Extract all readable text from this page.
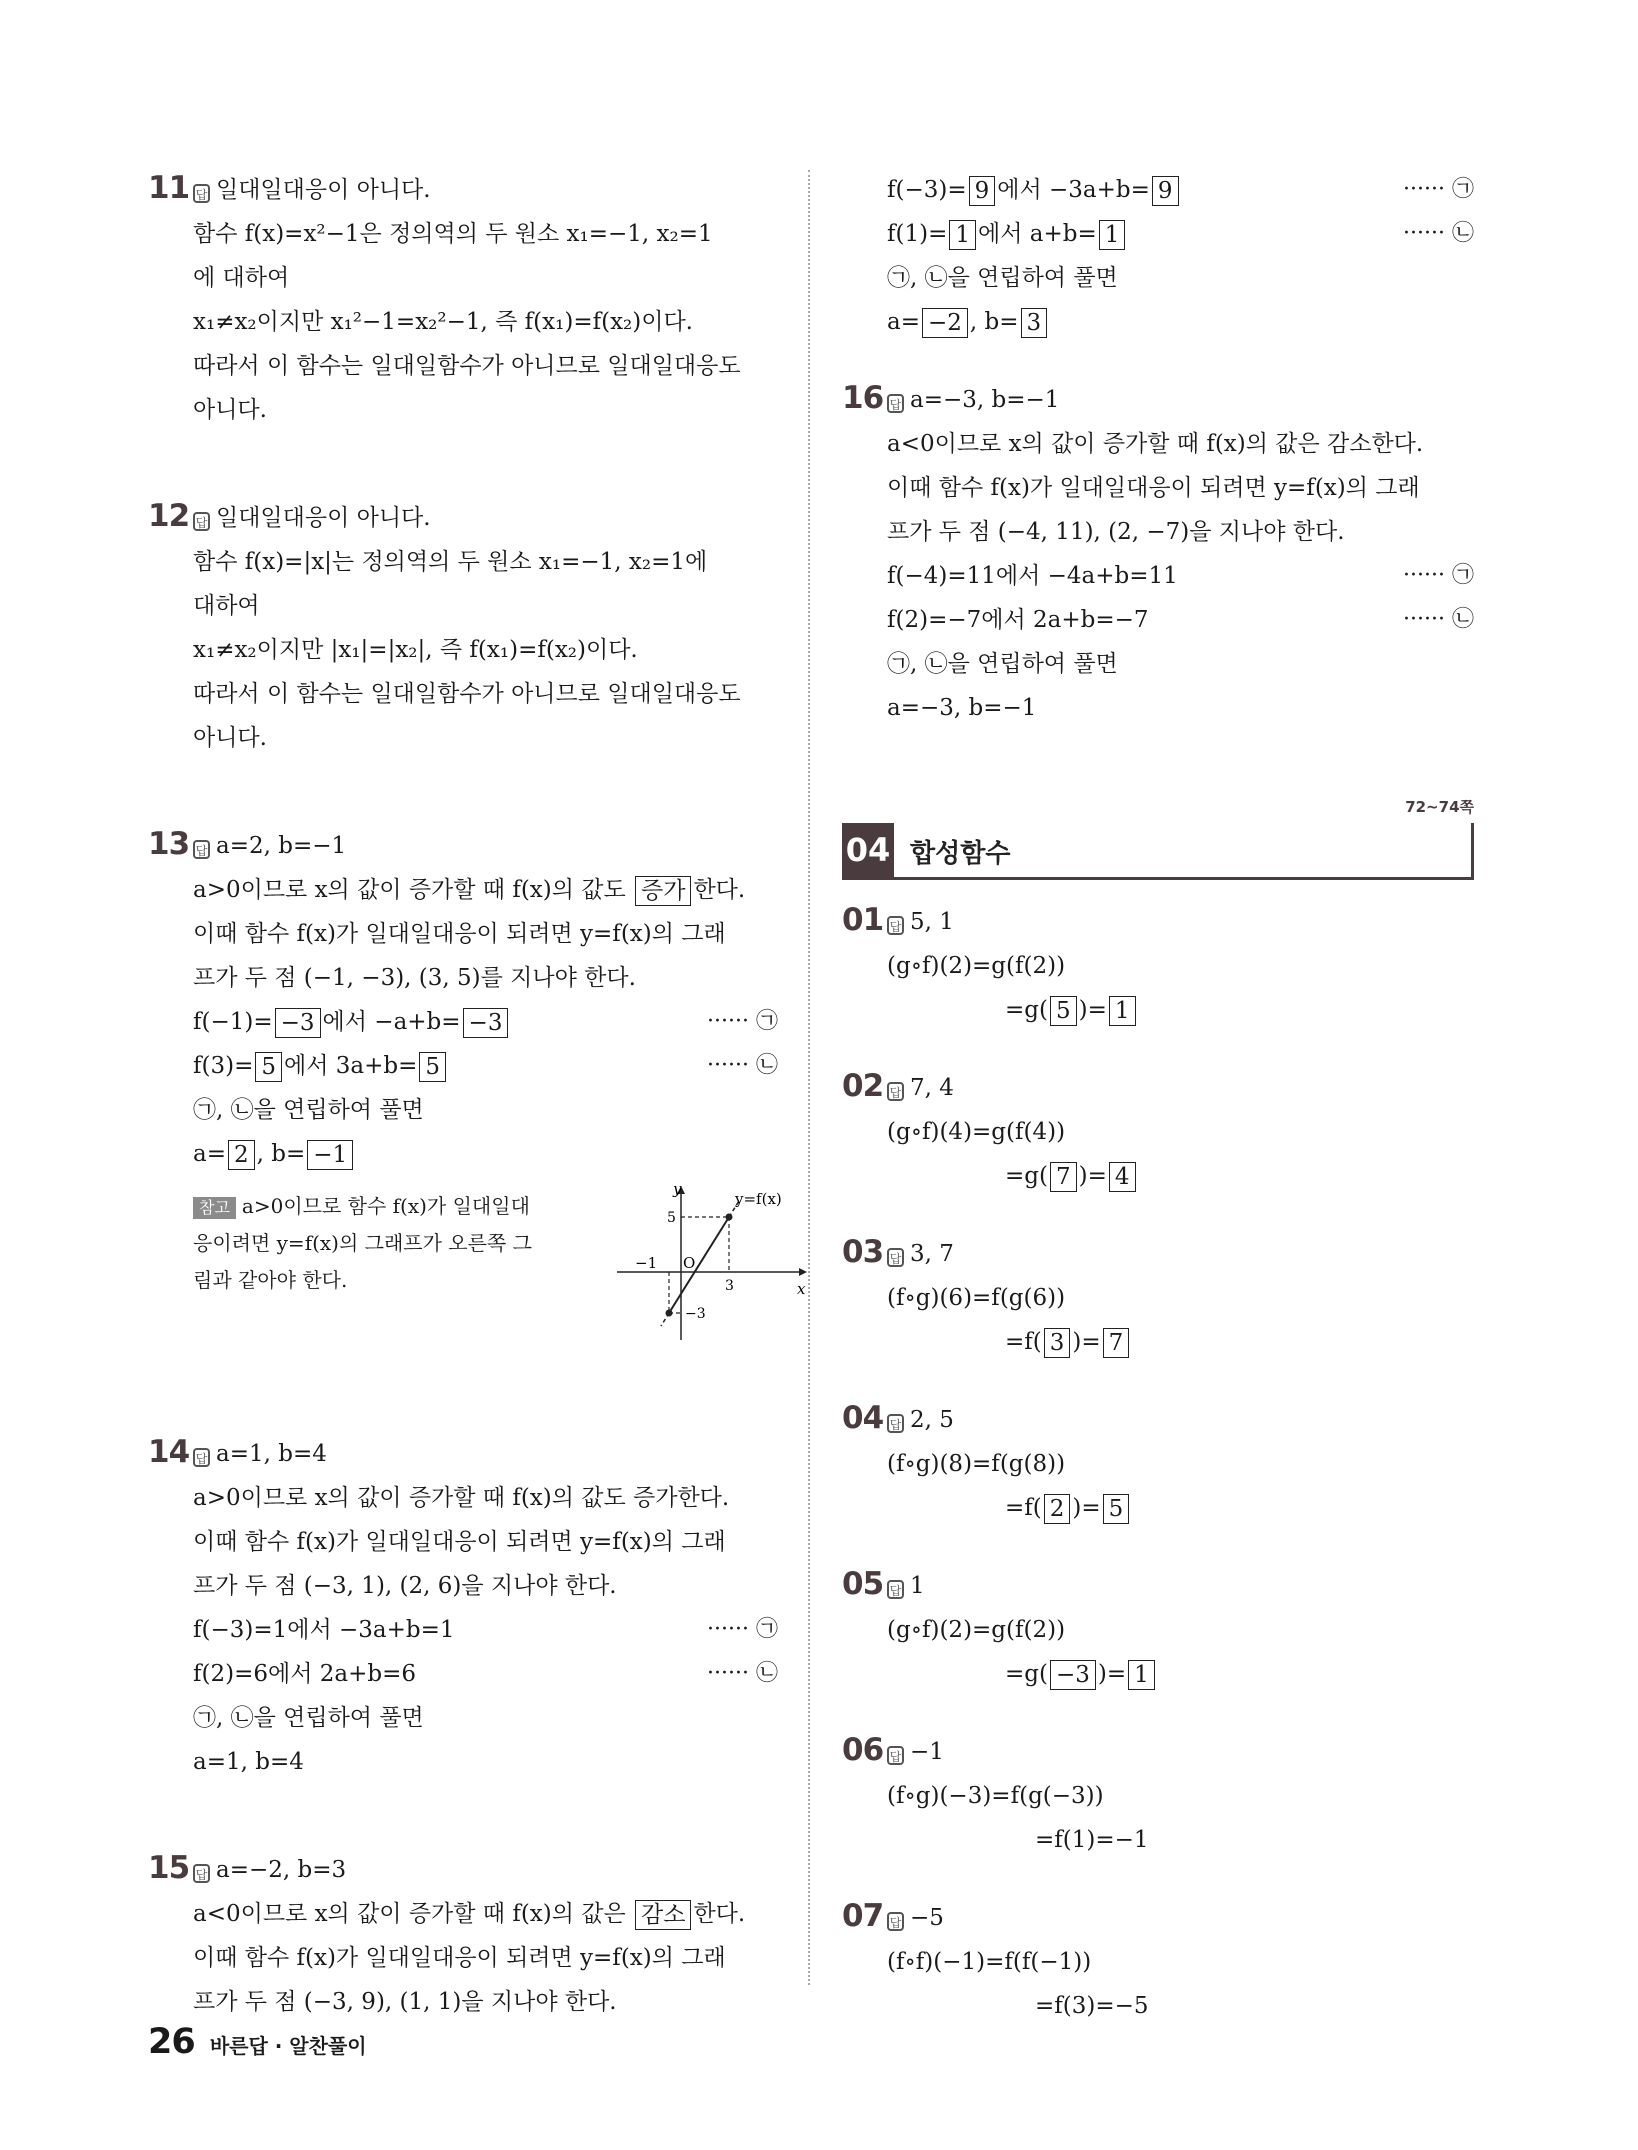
11 답 일대일대응이 아니다.
함수 f(x)=x²−1은 정의역의 두 원소 x₁=−1, x₂=1
에 대하여
x₁≠x₂이지만 x₁²−1=x₂²−1, 즉 f(x₁)=f(x₂)이다.
따라서 이 함수는 일대일함수가 아니므로 일대일대응도
아니다.
12 답 일대일대응이 아니다.
함수 f(x)=|x|는 정의역의 두 원소 x₁=−1, x₂=1에
대하여
x₁≠x₂이지만 |x₁|=|x₂|, 즉 f(x₁)=f(x₂)이다.
따라서 이 함수는 일대일함수가 아니므로 일대일대응도
아니다.
13 답 a=2, b=−1
a>0이므로 x의 값이 증가할 때 f(x)의 값도 증가 한다.
이때 함수 f(x)가 일대일대응이 되려면 y=f(x)의 그래
프가 두 점 (−1, −3), (3, 5)를 지나야 한다.
f(−1)= −3 에서 −a+b= −3	······ ㉠
f(3)= 5 에서 3a+b= 5	······ ㉡
㉠, ㉡을 연립하여 풀면
a= 2 , b= −1
참고 a>0이므로 함수 f(x)가 일대일대
응이려면 y=f(x)의 그래프가 오른쪽 그
림과 같아야 한다.
y
x
y=f(x)
5
3
−1
−3
O
14 답 a=1, b=4
a>0이므로 x의 값이 증가할 때 f(x)의 값도 증가한다.
이때 함수 f(x)가 일대일대응이 되려면 y=f(x)의 그래
프가 두 점 (−3, 1), (2, 6)을 지나야 한다.
f(−3)=1에서 −3a+b=1	······ ㉠
f(2)=6에서 2a+b=6	······ ㉡
㉠, ㉡을 연립하여 풀면
a=1, b=4
15 답 a=−2, b=3
a<0이므로 x의 값이 증가할 때 f(x)의 값은 감소 한다.
이때 함수 f(x)가 일대일대응이 되려면 y=f(x)의 그래
프가 두 점 (−3, 9), (1, 1)을 지나야 한다.
f(−3)= 9 에서 −3a+b= 9	······ ㉠
f(1)= 1 에서 a+b= 1	······ ㉡
㉠, ㉡을 연립하여 풀면
a= −2 , b= 3
16 답 a=−3, b=−1
a<0이므로 x의 값이 증가할 때 f(x)의 값은 감소한다.
이때 함수 f(x)가 일대일대응이 되려면 y=f(x)의 그래
프가 두 점 (−4, 11), (2, −7)을 지나야 한다.
f(−4)=11에서 −4a+b=11	······ ㉠
f(2)=−7에서 2a+b=−7	······ ㉡
㉠, ㉡을 연립하여 풀면
a=−3, b=−1
72~74쪽
04 합성함수
01 답 5, 1
(g∘f)(2)=g(f(2))
=g( 5 )= 1
02 답 7, 4
(g∘f)(4)=g(f(4))
=g( 7 )= 4
03 답 3, 7
(f∘g)(6)=f(g(6))
=f( 3 )= 7
04 답 2, 5
(f∘g)(8)=f(g(8))
=f( 2 )= 5
05 답 1
(g∘f)(2)=g(f(2))
=g( −3 )= 1
06 답 −1
(f∘g)(−3)=f(g(−3))
=f(1)=−1
07 답 −5
(f∘f)(−1)=f(f(−1))
=f(3)=−5
26 바른답 · 알찬풀이
